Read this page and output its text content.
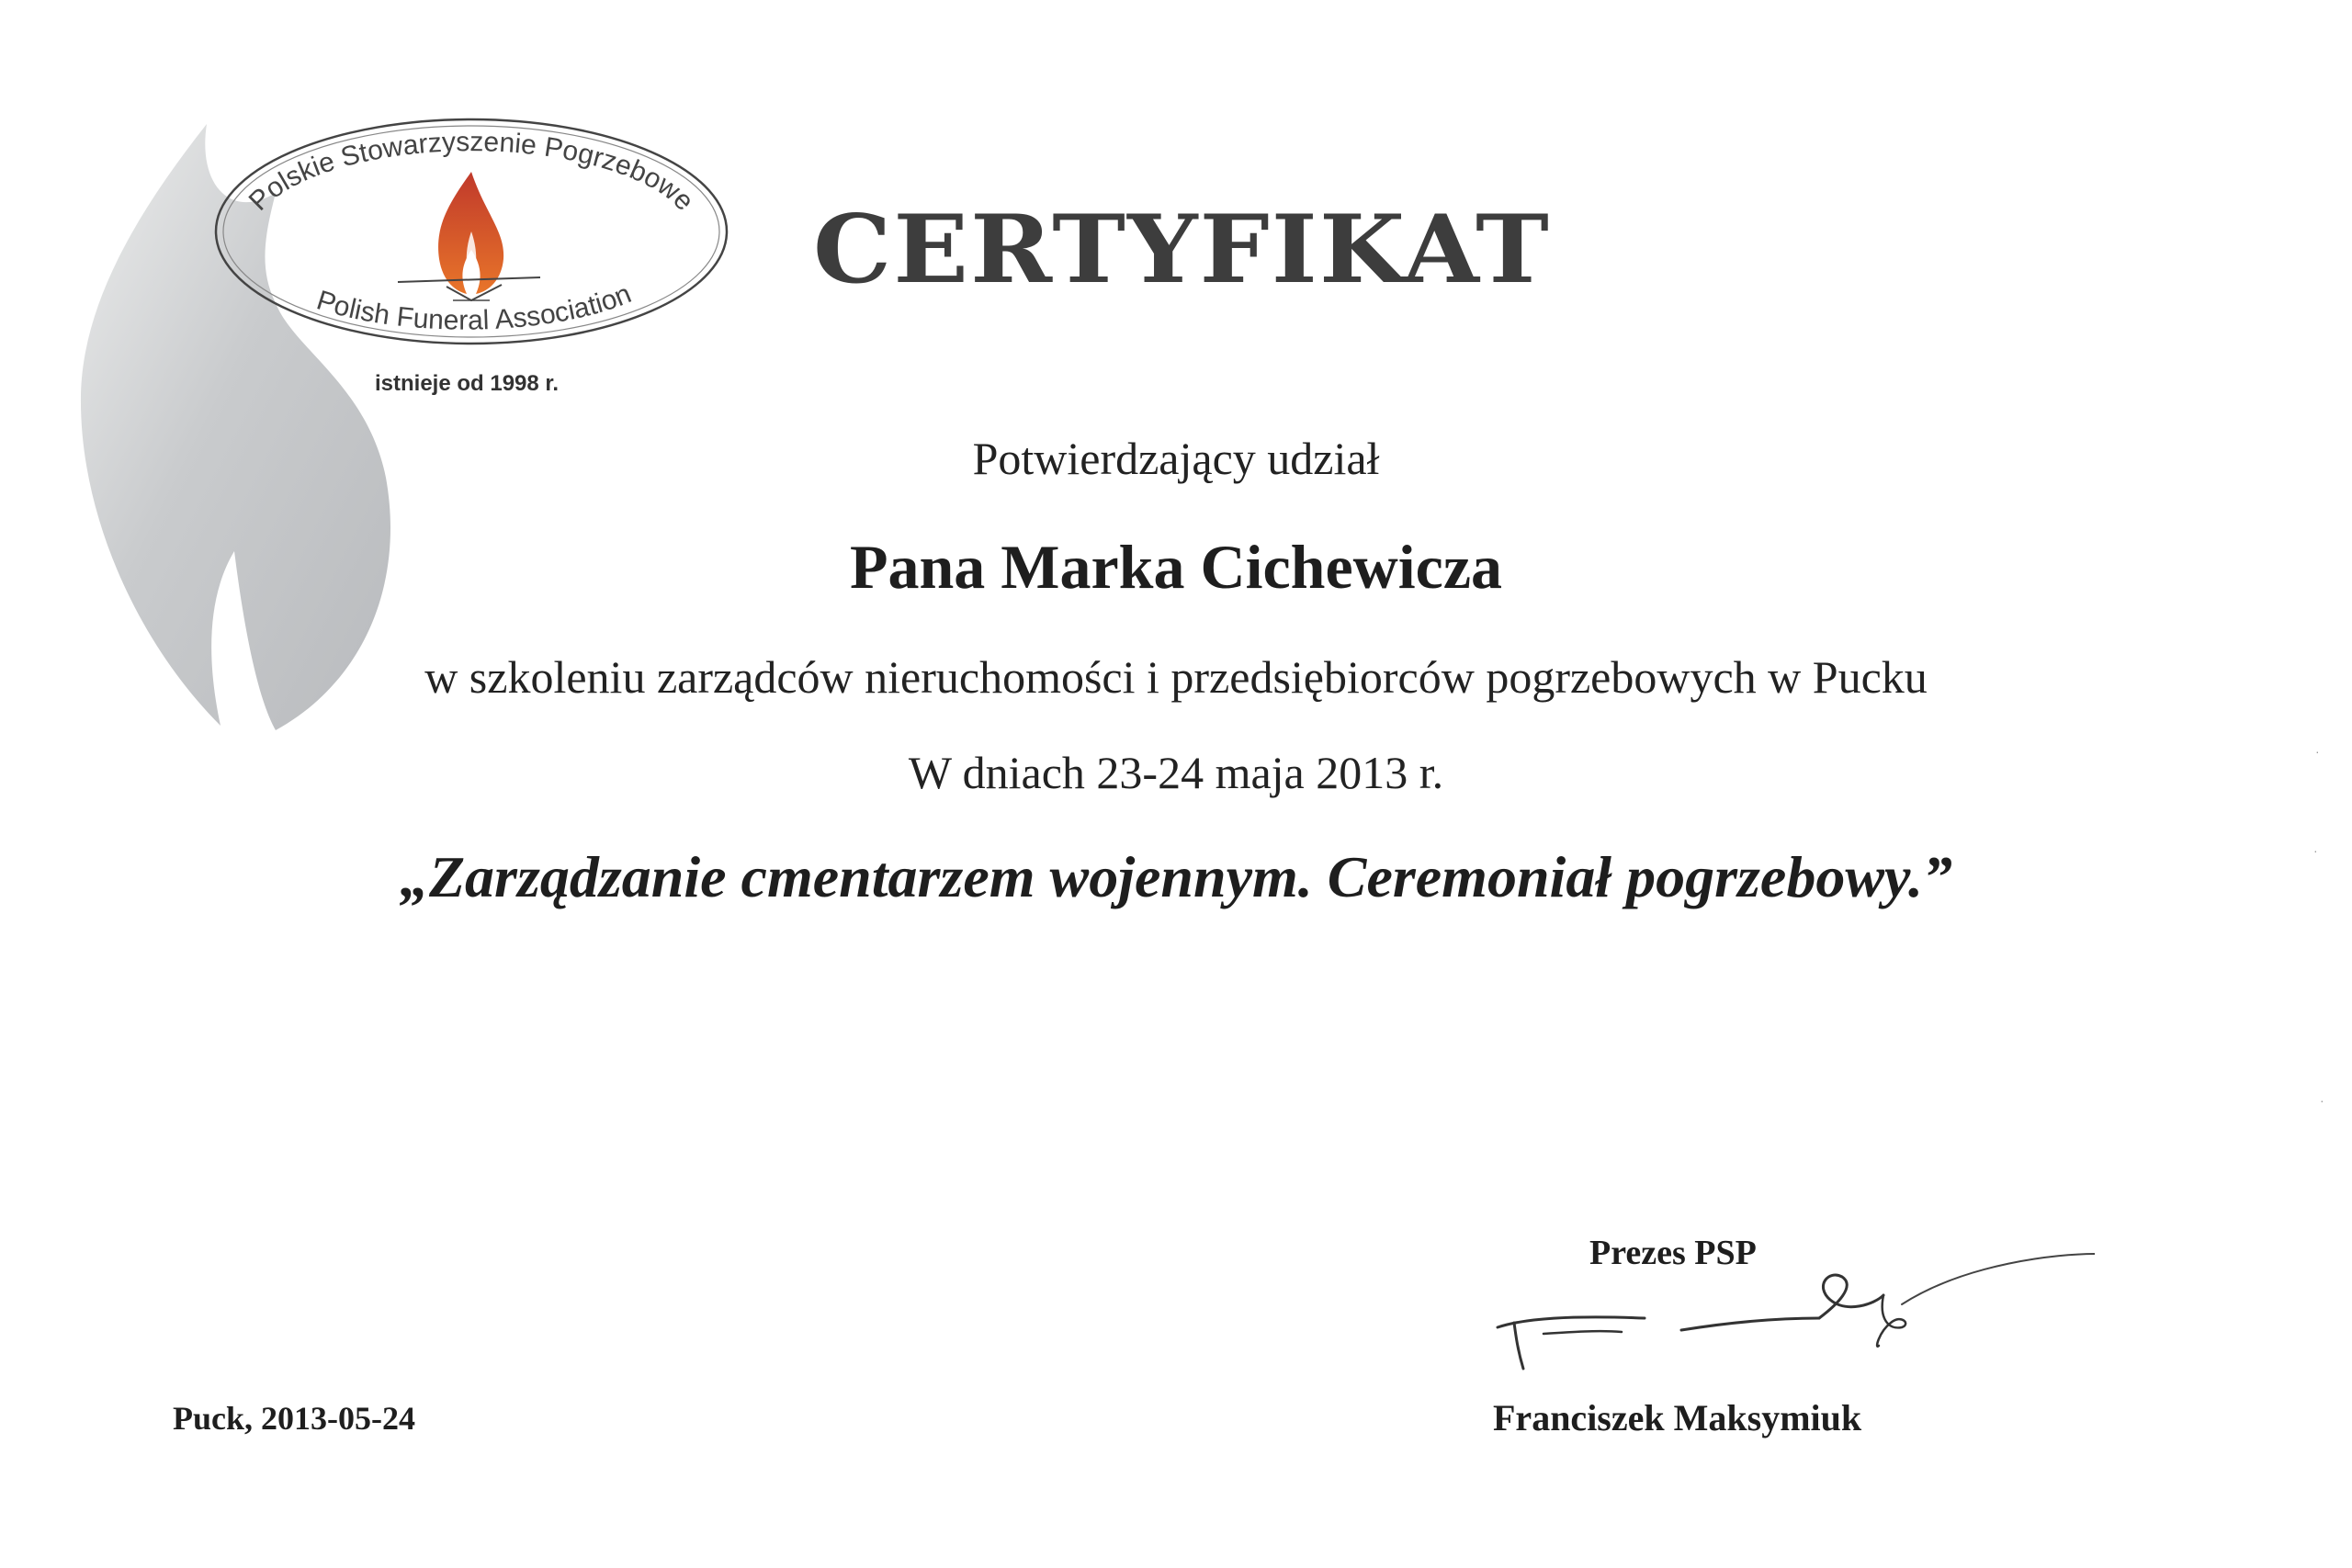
Polskie Stowarzyszenie Pogrzebowe
Polish Funeral Association
istnieje od 1998 r.
CERTYFIKAT
Potwierdzający udział
Pana Marka Cichewicza
w szkoleniu zarządców nieruchomości i przedsiębiorców pogrzebowych w Pucku
W dniach 23-24 maja 2013 r.
„Zarządzanie cmentarzem wojennym. Ceremoniał pogrzebowy.”
Puck, 2013-05-24
Prezes PSP
Franciszek Maksymiuk
·
·
·
